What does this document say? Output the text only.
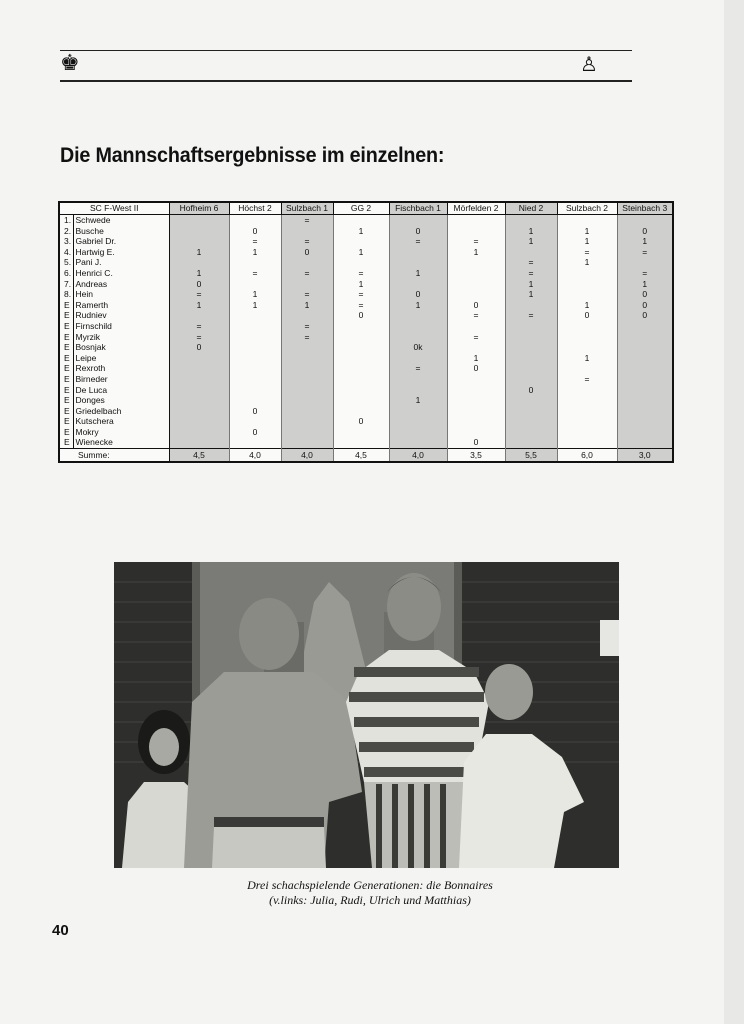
♚	♙
Die Mannschaftsergebnisse im einzelnen:
SC F-West II		Hofheim 6	Höchst 2	Sulzbach 1	GG 2	Fischbach 1	Mörfelden 2	Nied 2	Sulzbach 2	Steinbach 3
1.	Schwede			=						
2.	Busche		0		1	0		1	1	0
3.	Gabriel Dr.		=	=		=	=	1	1	1
4.	Hartwig E.	1	1	0	1		1		=	=
5.	Pani J.							=	1	
6.	Henrici C.	1	=	=	=	1		=		=
7.	Andreas	0			1			1		1
8.	Hein	=	1	=	=	0		1		0
E	Ramerth	1	1	1	=	1	0		1	0
E	Rudniev				0		=	=	0	0
E	Firnschild	=		=						
E	Myrzik	=		=			=			
E	Bosnjak	0				0k				
E	Leipe						1		1	
E	Rexroth					=	0			
E	Birneder								=	
E	De Luca							0		
E	Donges					1				
E	Griedelbach		0							
E	Kutschera				0					
E	Mokry		0							
E	Wienecke						0			
Summe:		4,5	4,0	4,0	4,5	4,0	3,5	5,5	6,0	3,0
Drei schachspielende Generationen: die Bonnaires
(v.links: Julia, Rudi, Ulrich und Matthias)
40
